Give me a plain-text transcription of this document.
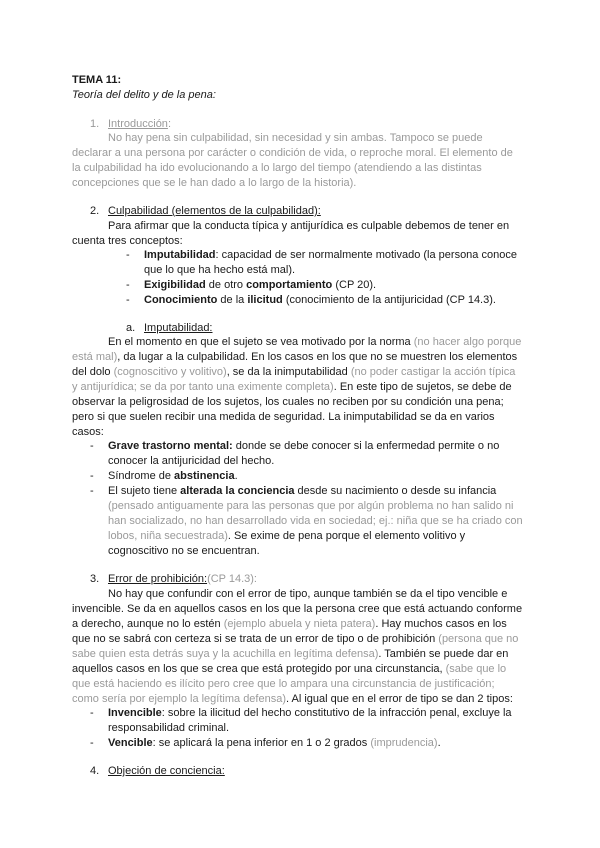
TEMA 11:
Teoría del delito y de la pena:
1. Introducción:
No hay pena sin culpabilidad, sin necesidad y sin ambas. Tampoco se puede
declarar a una persona por carácter o condición de vida, o reproche moral. El elemento de
la culpabilidad ha ido evolucionando a lo largo del tiempo (atendiendo a las distintas
concepciones que se le han dado a lo largo de la historia).
2. Culpabilidad (elementos de la culpabilidad):
Para afirmar que la conducta típica y antijurídica es culpable debemos de tener en
cuenta tres conceptos:
- Imputabilidad: capacidad de ser normalmente motivado (la persona conoce
que lo que ha hecho está mal).
- Exigibilidad de otro comportamiento (CP 20).
- Conocimiento de la ilicitud (conocimiento de la antijuricidad (CP 14.3).
a. Imputabilidad:
En el momento en que el sujeto se vea motivado por la norma (no hacer algo porque
está mal), da lugar a la culpabilidad. En los casos en los que no se muestren los elementos
del dolo (cognoscitivo y volitivo), se da la inimputabilidad (no poder castigar la acción típica
y antijurídica; se da por tanto una eximente completa). En este tipo de sujetos, se debe de
observar la peligrosidad de los sujetos, los cuales no reciben por su condición una pena;
pero si que suelen recibir una medida de seguridad. La inimputabilidad se da en varios
casos:
- Grave trastorno mental: donde se debe conocer si la enfermedad permite o no
conocer la antijuricidad del hecho.
- Síndrome de abstinencia.
- El sujeto tiene alterada la conciencia desde su nacimiento o desde su infancia
(pensado antiguamente para las personas que por algún problema no han salido ni
han socializado, no han desarrollado vida en sociedad; ej.: niña que se ha criado con
lobos, niña secuestrada). Se exime de pena porque el elemento volitivo y
cognoscitivo no se encuentran.
3. Error de prohibición:(CP 14.3):
No hay que confundir con el error de tipo, aunque también se da el tipo vencible e
invencible. Se da en aquellos casos en los que la persona cree que está actuando conforme
a derecho, aunque no lo estén (ejemplo abuela y nieta patera). Hay muchos casos en los
que no se sabrá con certeza si se trata de un error de tipo o de prohibición (persona que no
sabe quien esta detrás suya y la acuchilla en legítima defensa). También se puede dar en
aquellos casos en los que se crea que está protegido por una circunstancia, (sabe que lo
que está haciendo es ilícito pero cree que lo ampara una circunstancia de justificación;
como sería por ejemplo la legítima defensa). Al igual que en el error de tipo se dan 2 tipos:
- Invencible: sobre la ilicitud del hecho constitutivo de la infracción penal, excluye la
responsabilidad criminal.
- Vencible: se aplicará la pena inferior en 1 o 2 grados (imprudencia).
4. Objeción de conciencia:
